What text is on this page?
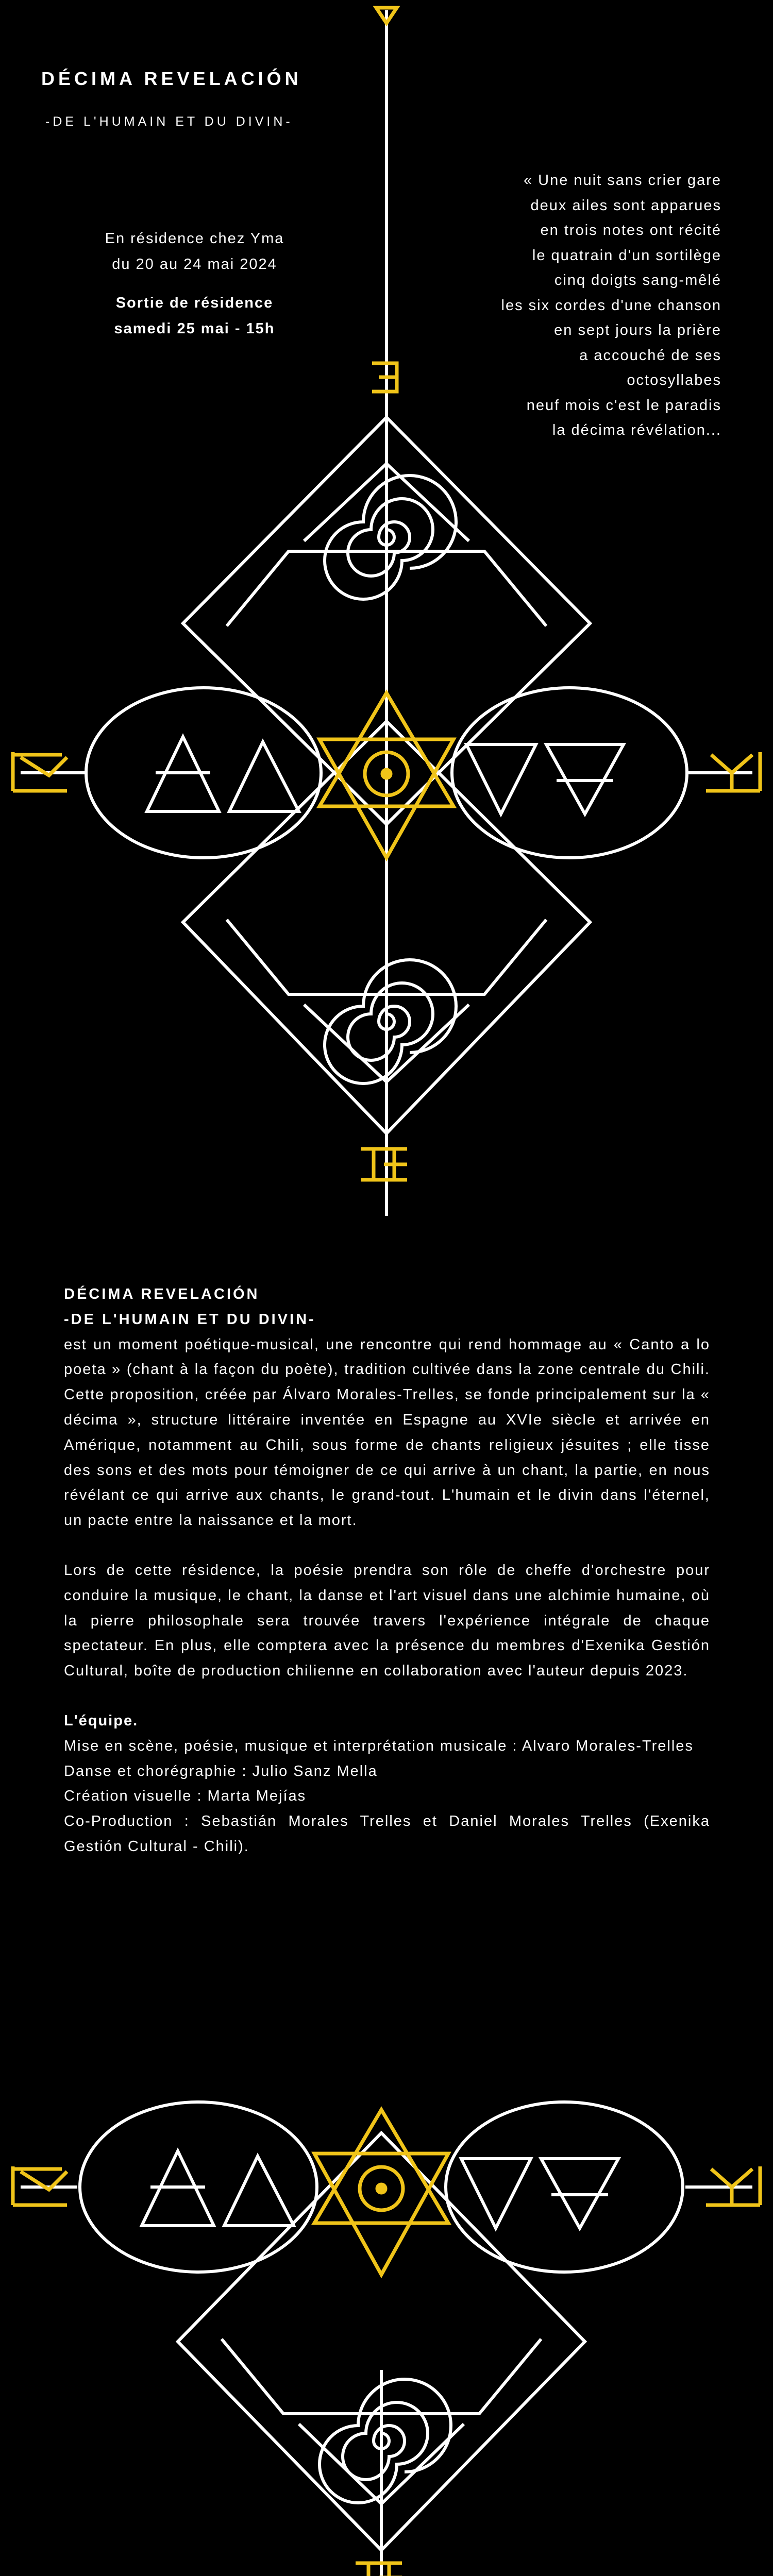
DÉCIMA REVELACIÓN
-DE L'HUMAIN ET DU DIVIN-
En résidence chez Yma
du 20 au 24 mai 2024
Sortie de résidence
samedi 25 mai - 15h
« Une nuit sans crier gare
deux ailes sont apparues
en trois notes ont récité
le quatrain d'un sortilège
cinq doigts sang-mêlé
les six cordes d'une chanson
en sept jours la prière
a accouché de ses
octosyllabes
neuf mois c'est le paradis
la décima révélation...
DÉCIMA REVELACIÓN
-DE L'HUMAIN ET DU DIVIN-

est un moment poétique-musical, une rencontre qui rend hommage au « Canto a lo poeta » (chant à la façon du poète), tradition cultivée dans la zone centrale du Chili. Cette proposition, créée par Álvaro Morales-Trelles, se fonde principalement sur la « décima », structure littéraire inventée en Espagne au XVIe siècle et arrivée en Amérique, notamment au Chili, sous forme de chants religieux jésuites ; elle tisse des sons et des mots pour témoigner de ce qui arrive à un chant, la partie, en nous révélant ce qui arrive aux chants, le grand-tout. L'humain et le divin dans l'éternel, un pacte entre la naissance et la mort.

Lors de cette résidence, la poésie prendra son rôle de cheffe d'orchestre pour conduire la musique, le chant, la danse et l'art visuel dans une alchimie humaine, où la pierre philosophale sera trouvée travers l'expérience intégrale de chaque spectateur. En plus, elle comptera avec la présence du membres d'Exenika Gestión Cultural, boîte de production chilienne en collaboration avec l'auteur depuis 2023.

L'équipe.

Mise en scène, poésie, musique et interprétation musicale : Alvaro Morales-Trelles

Danse et chorégraphie : Julio Sanz Mella

Création visuelle : Marta Mejías

Co-Production : Sebastián Morales Trelles et Daniel Morales Trelles (Exenika Gestión Cultural - Chili).
